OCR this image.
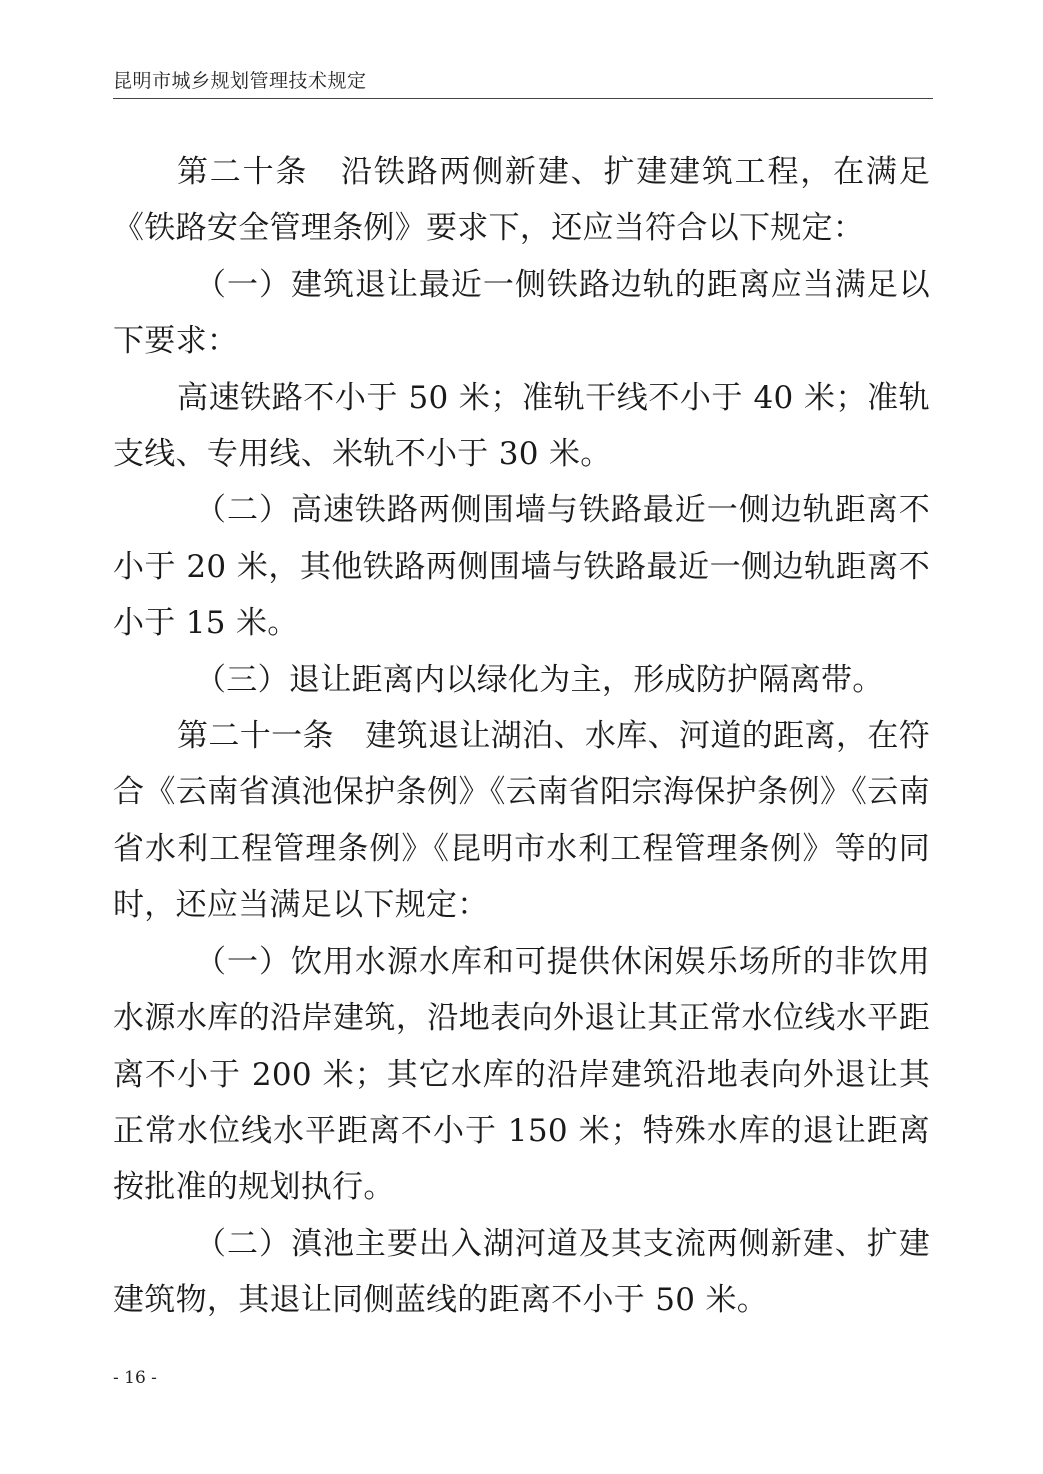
昆明市城乡规划管理技术规定

第二十条　沿铁路两侧新建、扩建建筑工程，在满足《铁路安全管理条例》要求下，还应当符合以下规定：

（一）建筑退让最近一侧铁路边轨的距离应当满足以下要求：

高速铁路不小于 50 米；准轨干线不小于 40 米；准轨支线、专用线、米轨不小于 30 米。

（二）高速铁路两侧围墙与铁路最近一侧边轨距离不小于 20 米，其他铁路两侧围墙与铁路最近一侧边轨距离不小于 15 米。

（三）退让距离内以绿化为主，形成防护隔离带。

第二十一条　建筑退让湖泊、水库、河道的距离，在符合《云南省滇池保护条例》《云南省阳宗海保护条例》《云南省水利工程管理条例》《昆明市水利工程管理条例》等的同时，还应当满足以下规定：

（一）饮用水源水库和可提供休闲娱乐场所的非饮用水源水库的沿岸建筑，沿地表向外退让其正常水位线水平距离不小于 200 米；其它水库的沿岸建筑沿地表向外退让其正常水位线水平距离不小于 150 米；特殊水库的退让距离按批准的规划执行。

（二）滇池主要出入湖河道及其支流两侧新建、扩建建筑物，其退让同侧蓝线的距离不小于 50 米。

- 16 -
